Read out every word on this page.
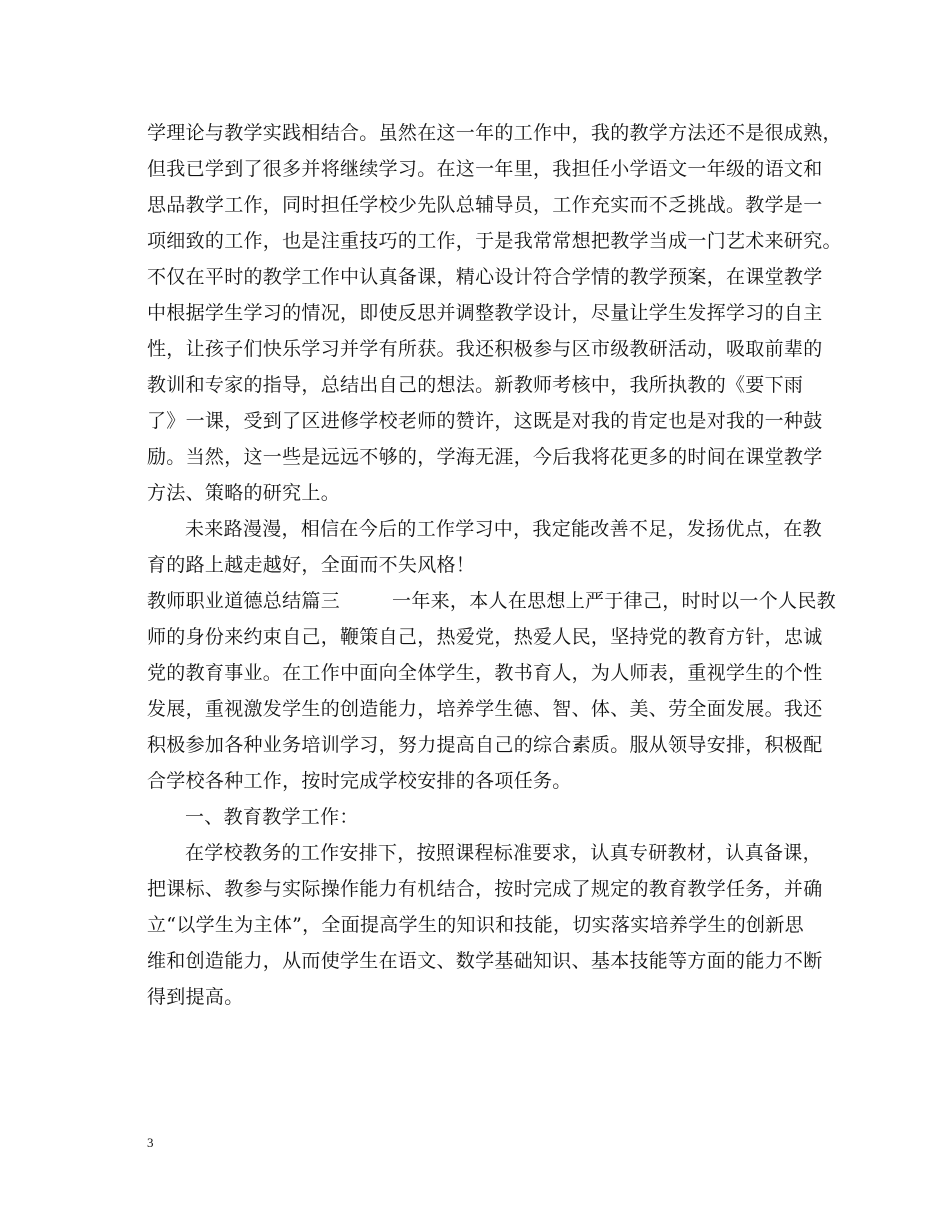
学理论与教学实践相结合。虽然在这一年的工作中，我的教学方法还不是很成熟，
但我已学到了很多并将继续学习。在这一年里，我担任小学语文一年级的语文和
思品教学工作，同时担任学校少先队总辅导员，工作充实而不乏挑战。教学是一
项细致的工作，也是注重技巧的工作，于是我常常想把教学当成一门艺术来研究。
不仅在平时的教学工作中认真备课，精心设计符合学情的教学预案，在课堂教学
中根据学生学习的情况，即使反思并调整教学设计，尽量让学生发挥学习的自主
性，让孩子们快乐学习并学有所获。我还积极参与区市级教研活动，吸取前辈的
教训和专家的指导，总结出自己的想法。新教师考核中，我所执教的《要下雨
了》一课，受到了区进修学校老师的赞许，这既是对我的肯定也是对我的一种鼓
励。当然，这一些是远远不够的，学海无涯，今后我将花更多的时间在课堂教学
方法、策略的研究上。
未来路漫漫，相信在今后的工作学习中，我定能改善不足，发扬优点，在教
育的路上越走越好，全面而不失风格！
教师职业道德总结篇三	一年来，本人在思想上严于律己，时时以一个人民教
师的身份来约束自己，鞭策自己，热爱党，热爱人民，坚持党的教育方针，忠诚
党的教育事业。在工作中面向全体学生，教书育人，为人师表，重视学生的个性
发展，重视激发学生的创造能力，培养学生德、智、体、美、劳全面发展。我还
积极参加各种业务培训学习，努力提高自己的综合素质。服从领导安排，积极配
合学校各种工作，按时完成学校安排的各项任务。
一、教育教学工作：
在学校教务的工作安排下，按照课程标准要求，认真专研教材，认真备课，
把课标、教参与实际操作能力有机结合，按时完成了规定的教育教学任务，并确
立“以学生为主体”，全面提高学生的知识和技能，切实落实培养学生的创新思
维和创造能力，从而使学生在语文、数学基础知识、基本技能等方面的能力不断
得到提高。
3
